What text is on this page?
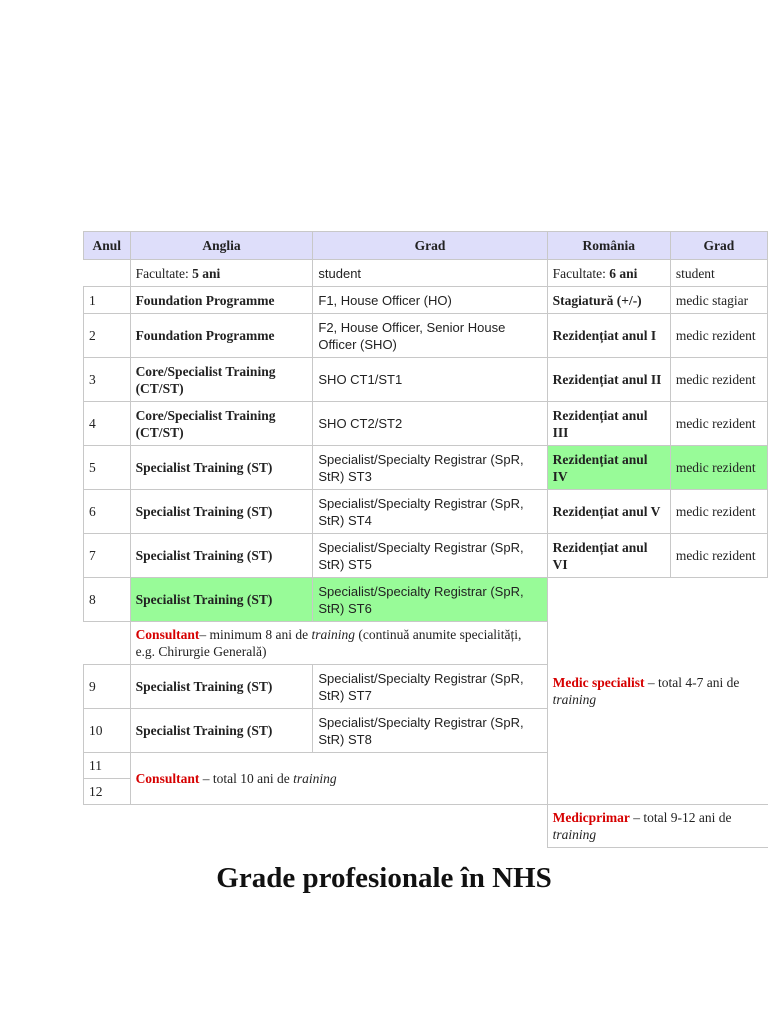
Anul	Anglia	Grad	România	Grad
	Facultate: 5 ani	student	Facultate: 6 ani	student
1	Foundation Programme	F1, House Officer (HO)	Stagiatură (+/-)	medic stagiar
2	Foundation Programme	F2, House Officer, Senior House Officer (SHO)	Rezidențiat anul I	medic rezident
3	Core/Specialist Training (CT/ST)	SHO CT1/ST1	Rezidențiat anul II	medic rezident
4	Core/Specialist Training (CT/ST)	SHO CT2/ST2	Rezidențiat anul III	medic rezident
5	Specialist Training (ST)	Specialist/Specialty Registrar (SpR, StR) ST3	Rezidențiat anul IV	medic rezident
6	Specialist Training (ST)	Specialist/Specialty Registrar (SpR, StR) ST4	Rezidențiat anul V	medic rezident
7	Specialist Training (ST)	Specialist/Specialty Registrar (SpR, StR) ST5	Rezidențiat anul VI	medic rezident
8	Specialist Training (ST)	Specialist/Specialty Registrar (SpR, StR) ST6	Medic specialist – total 4-7 ani de training	
	Consultant– minimum 8 ani de training (continuă anumite specialități, e.g. Chirurgie Generală)			
9	Specialist Training (ST)	Specialist/Specialty Registrar (SpR, StR) ST7		
10	Specialist Training (ST)	Specialist/Specialty Registrar (SpR, StR) ST8		
11	Consultant – total 10 ani de training			
12				
			Medicprimar – total 9-12 ani de training	
Grade profesionale în NHS
